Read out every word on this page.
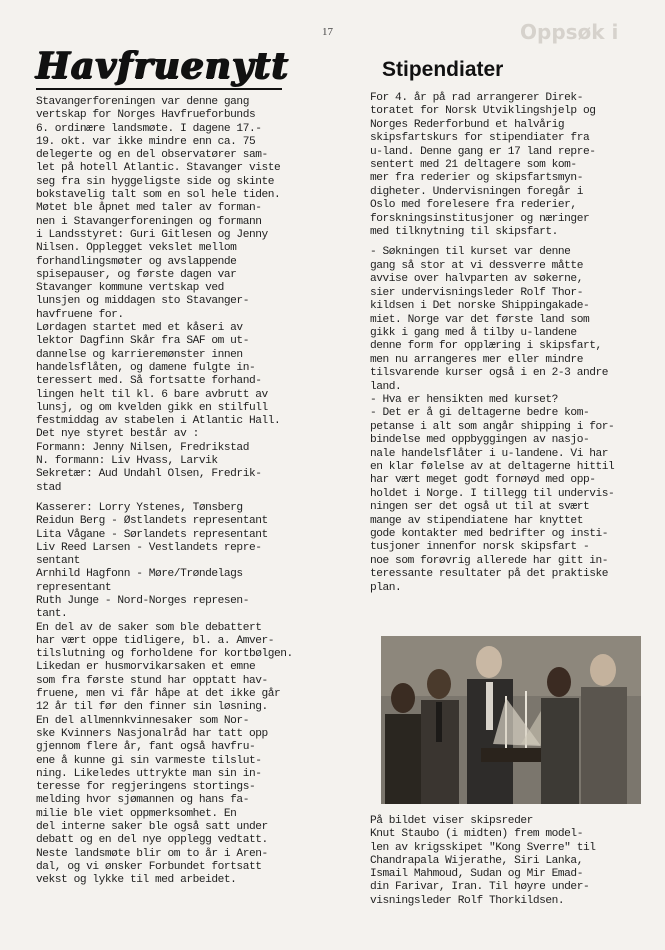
17	Oppsøk i
Havfruenytt

Stavangerforeningen var denne gang
vertskap for Norges Havfrueforbunds
6. ordinære landsmøte. I dagene 17.-
19. okt. var ikke mindre enn ca. 75
delegerte og en del observatører sam-
let på hotell Atlantic. Stavanger viste
seg fra sin hyggeligste side og skinte
bokstavelig talt som en sol hele tiden.
Møtet ble åpnet med taler av forman-
nen i Stavangerforeningen og formann
i Landsstyret: Guri Gitlesen og Jenny
Nilsen. Opplegget vekslet mellom
forhandlingsmøter og avslappende
spisepauser, og første dagen var
Stavanger kommune vertskap ved
lunsjen og middagen sto Stavanger-
havfruene for.

Lørdagen startet med et kåseri av
lektor Dagfinn Skår fra SAF om ut-
dannelse og karrieremønster innen
handelsflåten, og damene fulgte in-
teressert med. Så fortsatte forhand-
lingen helt til kl. 6 bare avbrutt av
lunsj, og om kvelden gikk en stilfull
festmiddag av stabelen i Atlantic Hall.
Det nye styret består av :

Formann: Jenny Nilsen, Fredrikstad
N. formann: Liv Hvass, Larvik
Sekretær: Aud Undahl Olsen, Fredrik-
stad

Kasserer: Lorry Ystenes, Tønsberg
Reidun Berg - Østlandets representant
Lita Vågane - Sørlandets representant
Liv Reed Larsen - Vestlandets repre-
sentant
Arnhild Hagfonn - Møre/Trøndelags
representant
Ruth Junge - Nord-Norges represen-
tant.

En del av de saker som ble debattert
har vært oppe tidligere, bl. a. Amver-
tilslutning og forholdene for kortbølgen.
Likedan er husmorvikarsaken et emne
som fra første stund har opptatt hav-
fruene, men vi får håpe at det ikke går
12 år til før den finner sin løsning.
En del allmennkvinnesaker som Nor-
ske Kvinners Nasjonalråd har tatt opp
gjennom flere år, fant også havfru-
ene å kunne gi sin varmeste tilslut-
ning. Likeledes uttrykte man sin in-
teresse for regjeringens stortings-
melding hvor sjømannen og hans fa-
milie ble viet oppmerksomhet. En
del interne saker ble også satt under
debatt og en del nye opplegg vedtatt.
Neste landsmøte blir om to år i Aren-
dal, og vi ønsker Forbundet fortsatt
vekst og lykke til med arbeidet.

Stipendiater

For 4. år på rad arrangerer Direk-
toratet for Norsk Utviklingshjelp og
Norges Rederforbund et halvårig
skipsfartskurs for stipendiater fra
u-land. Denne gang er 17 land repre-
sentert med 21 deltagere som kom-
mer fra rederier og skipsfartsmyn-
digheter. Undervisningen foregår i
Oslo med forelesere fra rederier,
forskningsinstitusjoner og næringer
med tilknytning til skipsfart.

- Søkningen til kurset var denne
gang så stor at vi dessverre måtte
avvise over halvparten av søkerne,
sier undervisningsleder Rolf Thor-
kildsen i Det norske Shippingakade-
miet. Norge var det første land som
gikk i gang med å tilby u-landene
denne form for opplæring i skipsfart,
men nu arrangeres mer eller mindre
tilsvarende kurser også i en 2-3 andre
land.
- Hva er hensikten med kurset?
- Det er å gi deltagerne bedre kom-
petanse i alt som angår shipping i for-
bindelse med oppbyggingen av nasjo-
nale handelsflåter i u-landene. Vi har
en klar følelse av at deltagerne hittil
har vært meget godt fornøyd med opp-
holdet i Norge. I tillegg til undervis-
ningen ser det også ut til at svært
mange av stipendiatene har knyttet
gode kontakter med bedrifter og insti-
tusjoner innenfor norsk skipsfart -
noe som forøvrig allerede har gitt in-
teressante resultater på det praktiske
plan.

På bildet viser skipsreder
Knut Staubo (i midten) frem model-
len av krigsskipet "Kong Sverre" til
Chandrapala Wijerathe, Siri Lanka,
Ismail Mahmoud, Sudan og Mir Emad-
din Farivar, Iran. Til høyre under-
visningsleder Rolf Thorkildsen.
